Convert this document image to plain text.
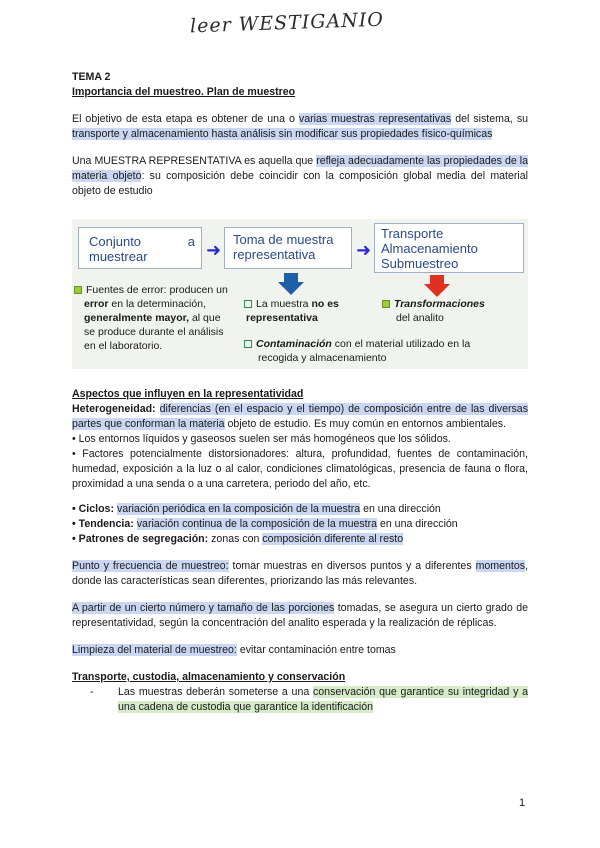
leer WESTIGANIO

TEMA 2

Importancia del muestreo. Plan de muestreo

El objetivo de esta etapa es obtener de una o varias muestras representativas del sistema, su transporte y almacenamiento hasta análisis sin modificar sus propiedades físico-químicas

Una MUESTRA REPRESENTATIVA es aquella que refleja adecuadamente las propiedades de la materia objeto: su composición debe coincidir con la composición global media del material objeto de estudio

Conjunto	a
muestrear	➜
Toma de muestra
representativa	➜
Transporte
Almacenamiento
Submuestreo
Fuentes de error: producen un
error en la determinación,
generalmente mayor, al que
se produce durante el análisis
en el laboratorio.
La muestra no es
representativa
Transformaciones
del analito
Contaminación con el material utilizado en la
recogida y almacenamiento

Aspectos que influyen en la representatividad

Heterogeneidad: diferencias (en el espacio y el tiempo) de composición entre de las diversas partes que conforman la materia objeto de estudio. Es muy común en entornos ambientales.

• Los entornos líquidos y gaseosos suelen ser más homogéneos que los sólidos.

• Factores potencialmente distorsionadores: altura, profundidad, fuentes de contaminación, humedad, exposición a la luz o al calor, condiciones climatológicas, presencia de fauna o flora, proximidad a una senda o a una carretera, periodo del año, etc.

• Ciclos: variación periódica en la composición de la muestra en una dirección

• Tendencia: variación continua de la composición de la muestra en una dirección

• Patrones de segregación: zonas con composición diferente al resto

Punto y frecuencia de muestreo: tomar muestras en diversos puntos y a diferentes momentos, donde las características sean diferentes, priorizando las más relevantes.

A partir de un cierto número y tamaño de las porciones tomadas, se asegura un cierto grado de representatividad, según la concentración del analito esperada y la realización de réplicas.

Limpieza del material de muestreo: evitar contaminación entre tomas

Transporte, custodia, almacenamiento y conservación

-	Las muestras deberán someterse a una conservación que garantice su integridad y a una cadena de custodia que garantice la identificación

1
